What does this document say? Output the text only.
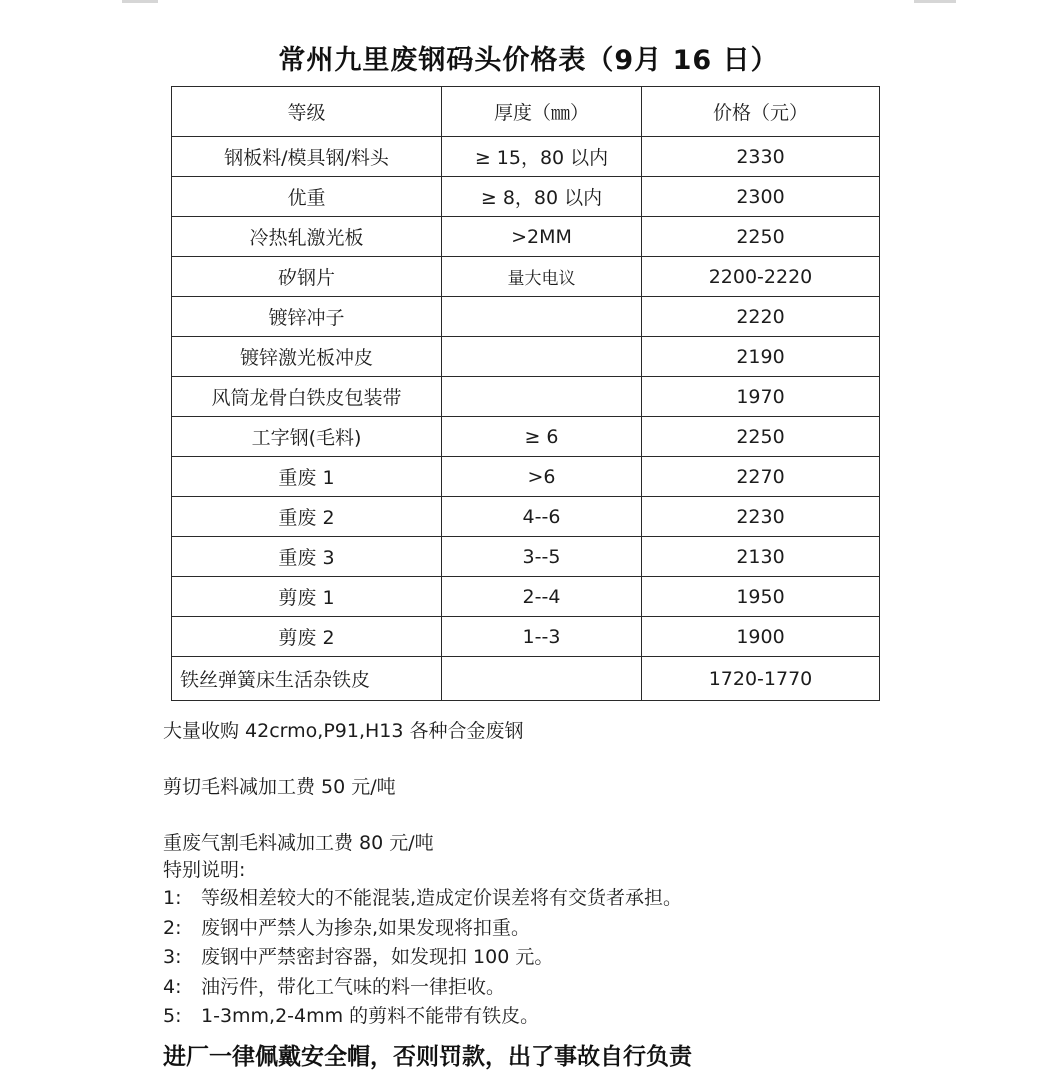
常州九里废钢码头价格表（9月 16 日）
等级	厚度（㎜）	价格（元）
钢板料/模具钢/料头	≥ 15，80 以内	2330
优重	≥ 8，80 以内	2300
冷热轧激光板	>2MM	2250
矽钢片	量大电议	2200-2220
镀锌冲子		2220
镀锌激光板冲皮		2190
风筒龙骨白铁皮包装带		1970
工字钢(毛料)	≥ 6	2250
重废 1	>6	2270
重废 2	4--6	2230
重废 3	3--5	2130
剪废 1	2--4	1950
剪废 2	1--3	1900
铁丝弹簧床生活杂铁皮		1720-1770
大量收购 42crmo,P91,H13 各种合金废钢
剪切毛料减加工费 50 元/吨
重废气割毛料减加工费 80 元/吨
特别说明:
1: 等级相差较大的不能混装,造成定价误差将有交货者承担。
2: 废钢中严禁人为掺杂,如果发现将扣重。
3: 废钢中严禁密封容器，如发现扣 100 元。
4: 油污件，带化工气味的料一律拒收。
5: 1-3mm,2-4mm 的剪料不能带有铁皮。
进厂一律佩戴安全帽，否则罚款，出了事故自行负责
